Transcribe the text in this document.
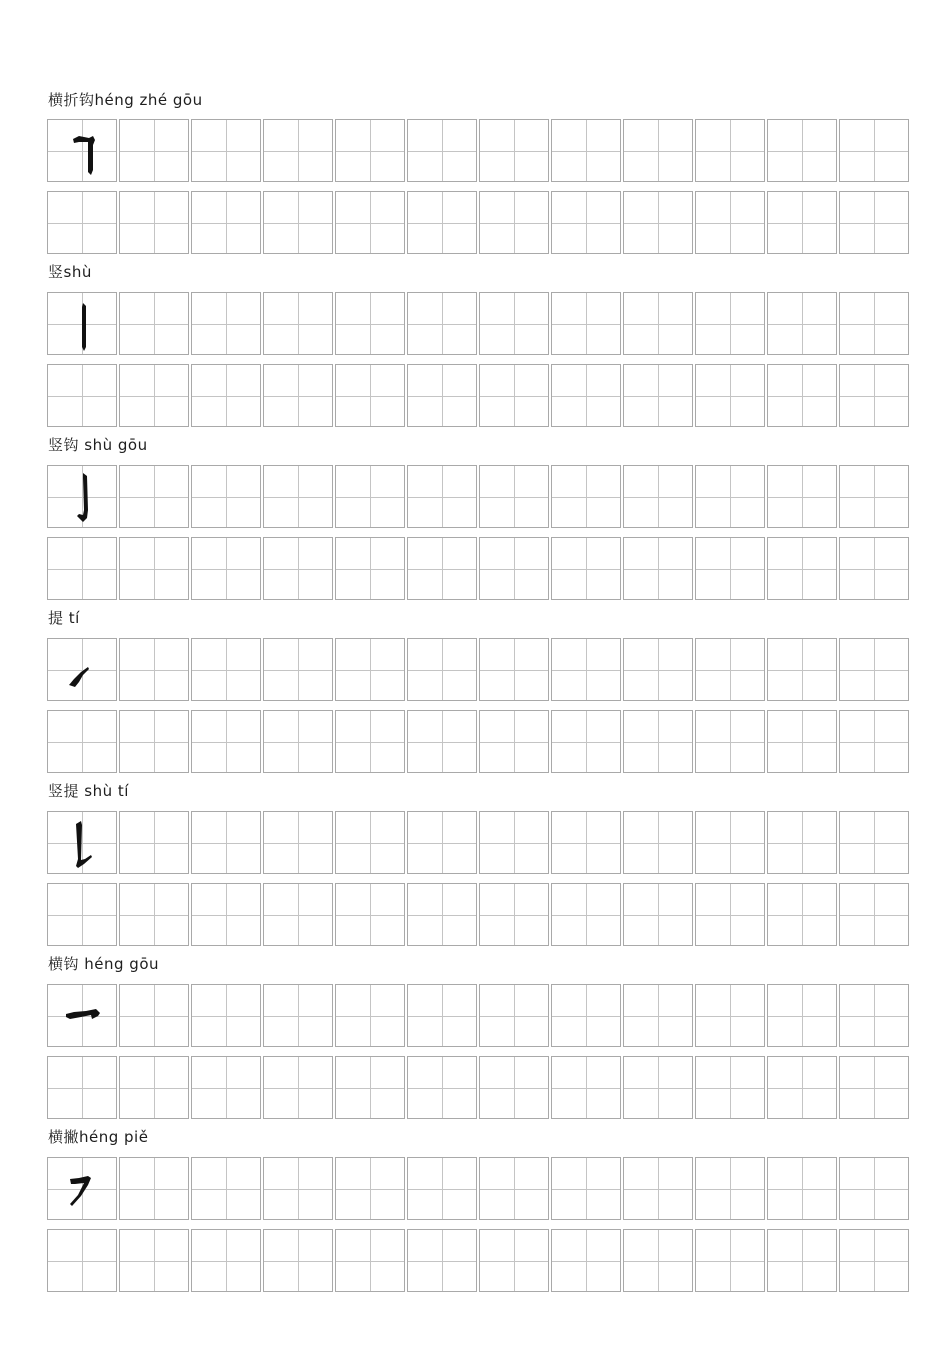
横折钩héng zhé gōu
竖shù
竖钩 shù gōu
提 tí
竖提 shù tí
横钩 héng gōu
横撇héng piě
